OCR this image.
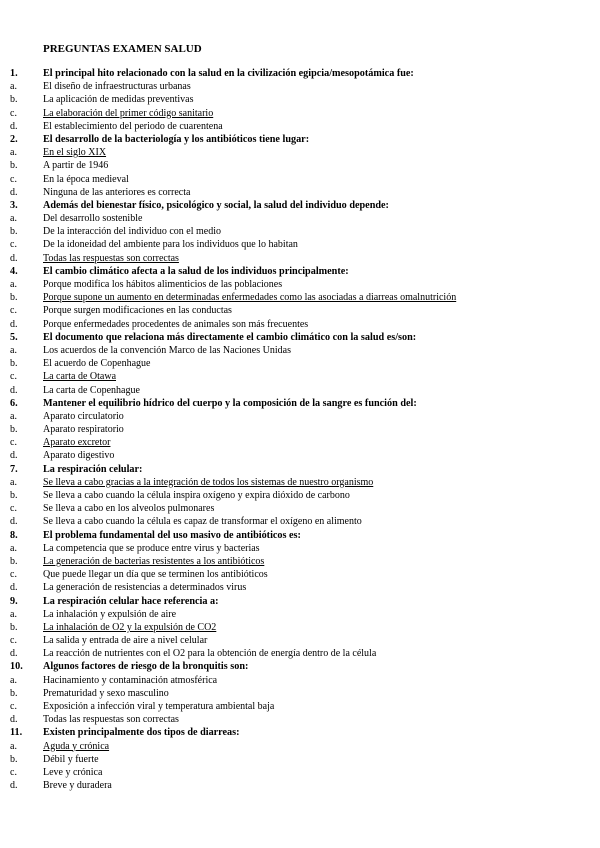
PREGUNTAS EXAMEN SALUD
1. El principal hito relacionado con la salud en la civilización egipcia/mesopotámica fue:
a.	El diseño de infraestructuras urbanas
b.	La aplicación de medidas preventivas
c.	La elaboración del primer código sanitario
d.	El establecimiento del periodo de cuarentena
2. El desarrollo de la bacteriología y los antibióticos tiene lugar:
a.	En el siglo XIX
b.	A partir de 1946
c.	En la época medieval
d.	Ninguna de las anteriores es correcta
3. Además del bienestar físico, psicológico y social, la salud del individuo depende:
a.	Del desarrollo sostenible
b.	De la interacción del individuo con el medio
c.	De la idoneidad del ambiente para los individuos que lo habitan
d.	Todas las respuestas son correctas
4. El cambio climático afecta a la salud de los individuos principalmente:
a.	Porque modifica los hábitos alimenticios de las poblaciones
b.	Porque supone un aumento en determinadas enfermedades como las asociadas a diarreas omalnutrición
c.	Porque surgen modificaciones en las conductas
d.	Porque enfermedades procedentes de animales son más frecuentes
5. El documento que relaciona más directamente el cambio climático con la salud es/son:
a.	Los acuerdos de la convención Marco de las Naciones Unidas
b.	El acuerdo de Copenhague
c.	La carta de Otawa
d.	La carta de Copenhague
6. Mantener el equilibrio hídrico del cuerpo y la composición de la sangre es función del:
a.	Aparato circulatorio
b.	Aparato respiratorio
c.	Aparato excretor
d.	Aparato digestivo
7. La respiración celular:
a.	Se lleva a cabo gracias a la integración de todos los sistemas de nuestro organismo
b.	Se lleva a cabo cuando la célula inspira oxígeno y expira dióxido de carbono
c.	Se lleva a cabo en los alveolos pulmonares
d.	Se lleva a cabo cuando la célula es capaz de transformar el oxígeno en alimento
8. El problema fundamental del uso masivo de antibióticos es:
a.	La competencia que se produce entre virus y bacterias
b.	La generación de bacterias resistentes a los antibióticos
c.	Que puede llegar un día que se terminen los antibióticos
d.	La generación de resistencias a determinados virus
9. La respiración celular hace referencia a:
a.	La inhalación y expulsión de aire
b.	La inhalación de O2 y la expulsión de CO2
c.	La salida y entrada de aire a nivel celular
d.	La reacción de nutrientes con el O2 para la obtención de energía dentro de la célula
10. Algunos factores de riesgo de la bronquitis son:
a.	Hacinamiento y contaminación atmosférica
b.	Prematuridad y sexo masculino
c.	Exposición a infección viral y temperatura ambiental baja
d.	Todas las respuestas son correctas
11. Existen principalmente dos tipos de diarreas:
a.	Aguda y crónica
b.	Débil y fuerte
c.	Leve y crónica
d.	Breve y duradera
